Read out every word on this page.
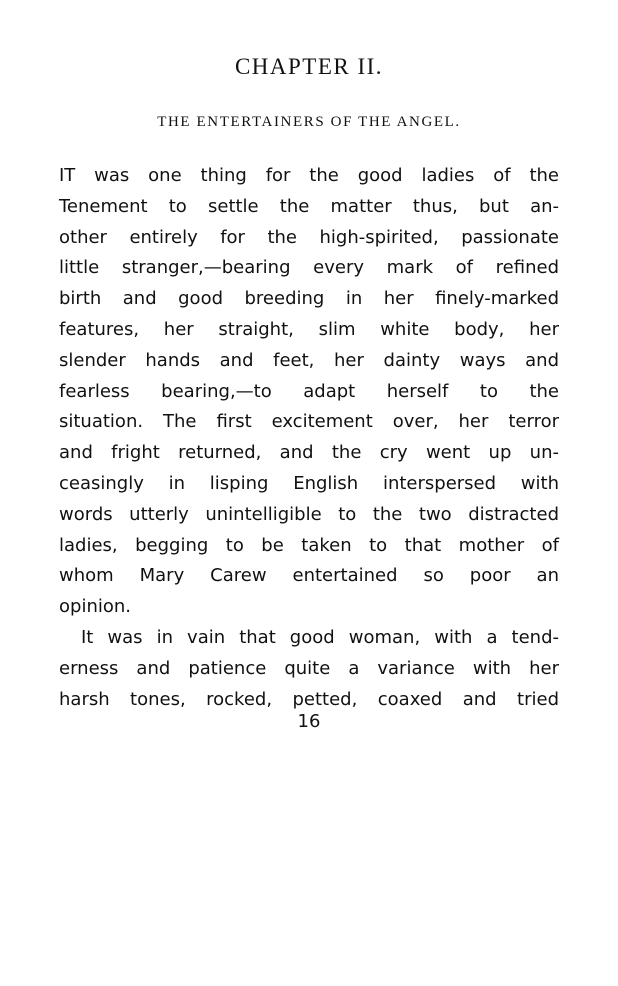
CHAPTER II.
THE ENTERTAINERS OF THE ANGEL.
IT was one thing for the good ladies of the
Tenement to settle the matter thus, but an-
other entirely for the high-spirited, passionate
little stranger,—bearing every mark of refined
birth and good breeding in her finely-marked
features, her straight, slim white body, her
slender hands and feet, her dainty ways and
fearless bearing,—to adapt herself to the
situation. The first excitement over, her terror
and fright returned, and the cry went up un-
ceasingly in lisping English interspersed with
words utterly unintelligible to the two distracted
ladies, begging to be taken to that mother of
whom Mary Carew entertained so poor an
opinion.
It was in vain that good woman, with a tend-
erness and patience quite a variance with her
harsh tones, rocked, petted, coaxed and tried
16
